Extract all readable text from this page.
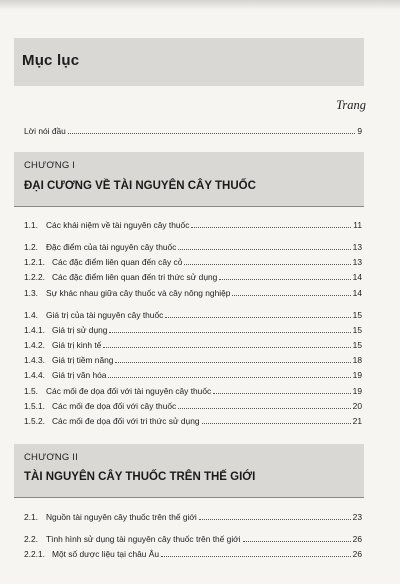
Mục lục
Trang
Lời nói đầu	9
CHƯƠNG I
ĐẠI CƯƠNG VỀ TÀI NGUYÊN CÂY THUỐC
1.1. Các khái niệm về tài nguyên cây thuốc	11
1.2. Đặc điểm của tài nguyên cây thuốc	13
1.2.1. Các đặc điểm liên quan đến cây cỏ	13
1.2.2. Các đặc điểm liên quan đến tri thức sử dụng	14
1.3. Sự khác nhau giữa cây thuốc và cây nông nghiệp	14
1.4. Giá trị của tài nguyên cây thuốc	15
1.4.1. Giá trị sử dụng	15
1.4.2. Giá trị kinh tế	15
1.4.3. Giá trị tiềm năng	18
1.4.4. Giá trị văn hóa	19
1.5. Các mối đe dọa đối với tài nguyên cây thuốc	19
1.5.1. Các mối đe dọa đối với cây thuốc	20
1.5.2. Các mối đe dọa đối với tri thức sử dụng	21
CHƯƠNG II
TÀI NGUYÊN CÂY THUỐC TRÊN THẾ GIỚI
2.1. Nguồn tài nguyên cây thuốc trên thế giới	23
2.2. Tình hình sử dụng tài nguyên cây thuốc trên thế giới	26
2.2.1. Một số dược liệu tại châu Âu	26
